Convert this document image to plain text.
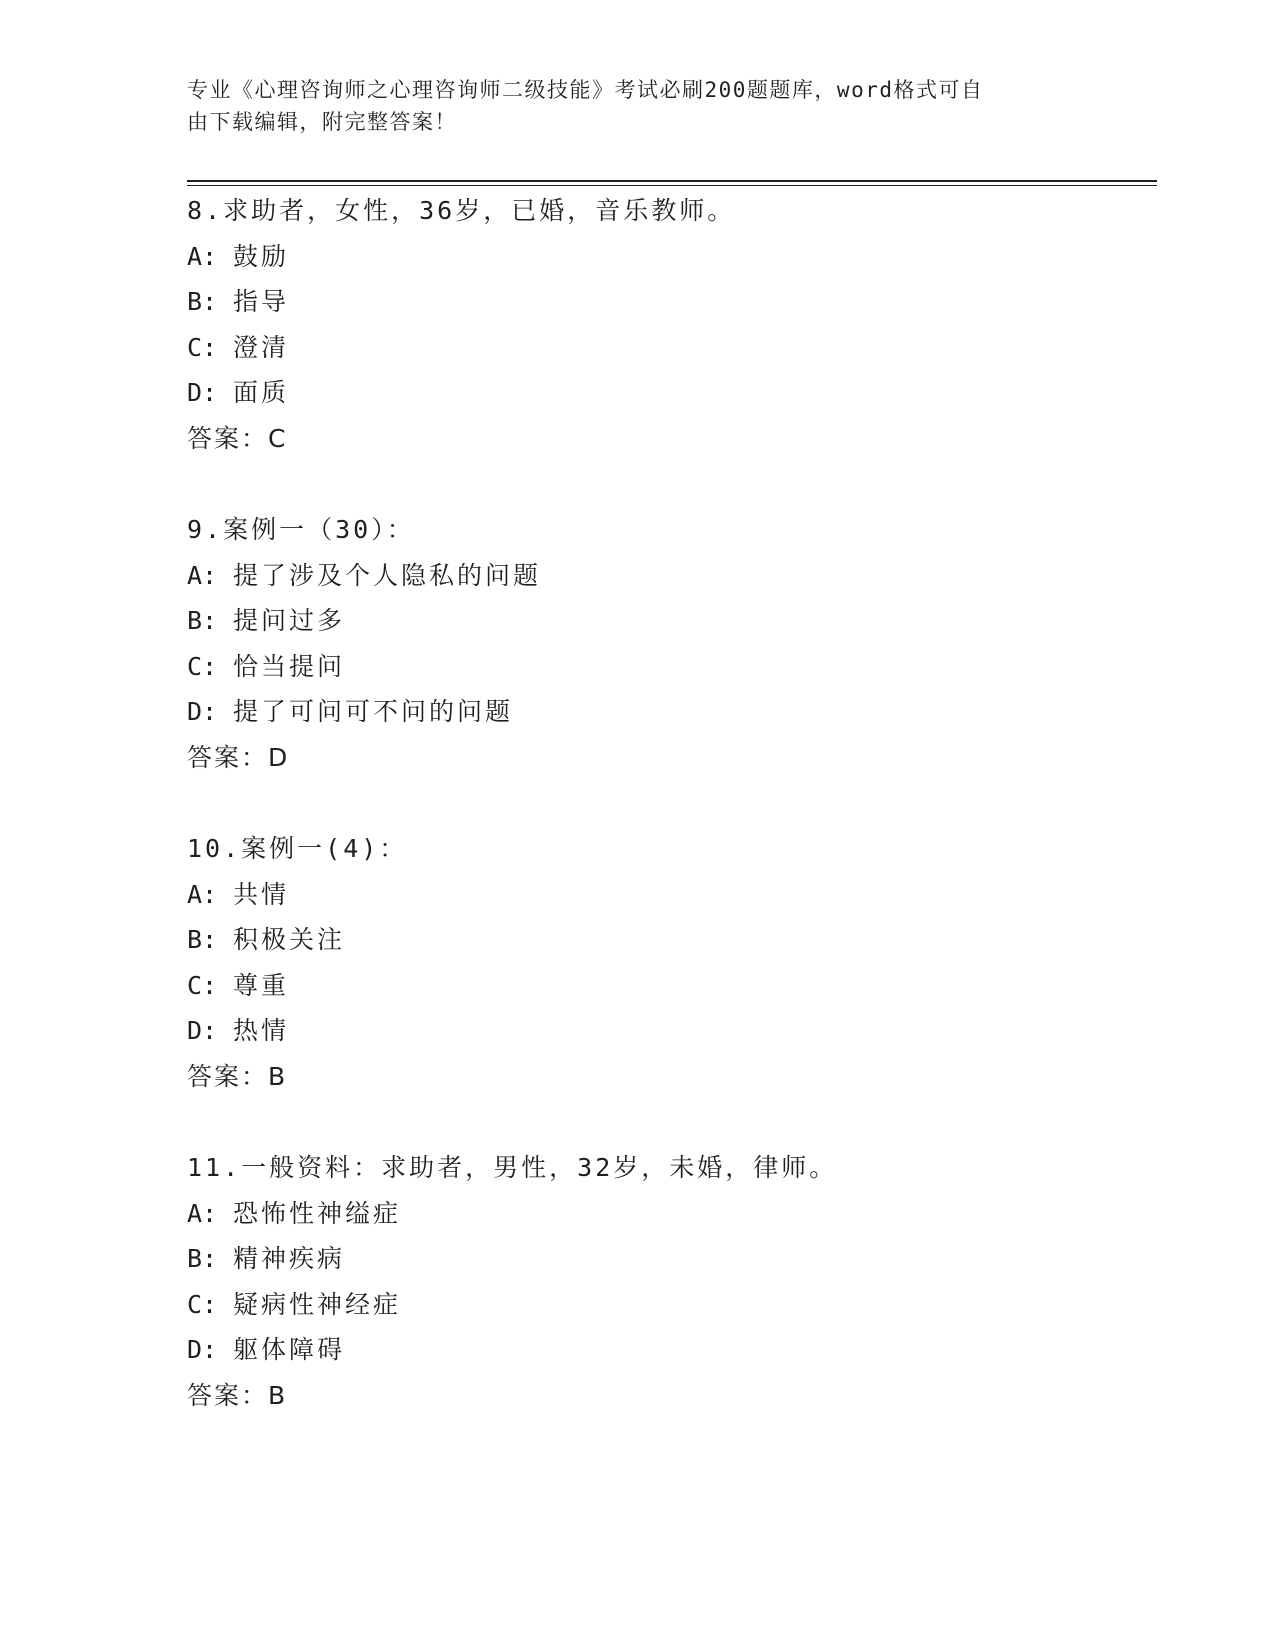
专业《心理咨询师之心理咨询师二级技能》考试必刷200题题库，word格式可自
由下载编辑，附完整答案！
8.求助者，女性，36岁，已婚，音乐教师。
A: 鼓励
B: 指导
C: 澄清
D: 面质
答案：C
9.案例一（30）：
A: 提了涉及个人隐私的问题
B: 提问过多
C: 恰当提问
D: 提了可问可不问的问题
答案：D
10.案例一(4)：
A: 共情
B: 积极关注
C: 尊重
D: 热情
答案：B
11.一般资料：求助者，男性，32岁，未婚，律师。
A: 恐怖性神缢症
B: 精神疾病
C: 疑病性神经症
D: 躯体障碍
答案：B
